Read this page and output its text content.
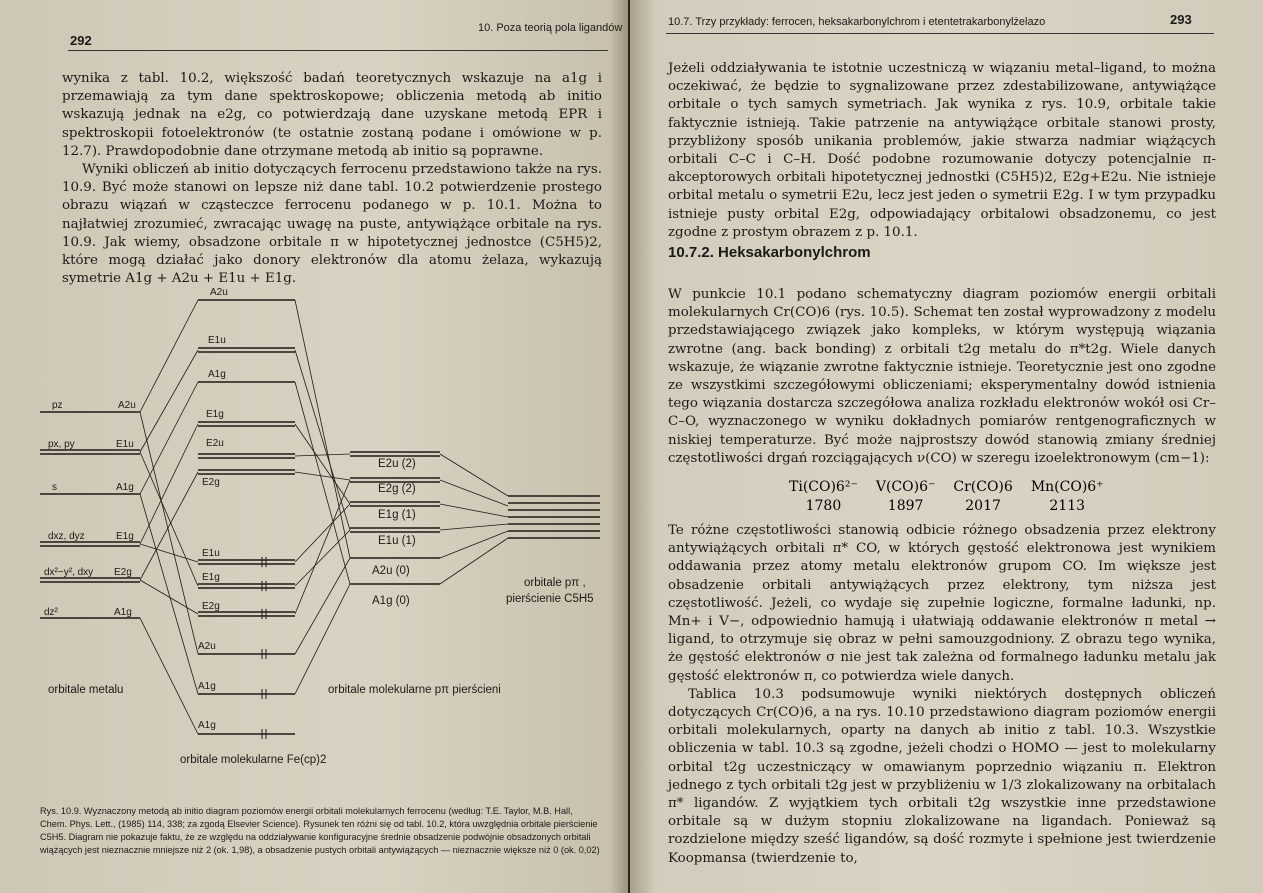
10. Poza teorią pola ligandów
292

wynika z tabl. 10.2, większość badań teoretycznych wskazuje na a1g i przemawiają za tym dane spektroskopowe; obliczenia metodą ab initio wskazują jednak na e2g, co potwierdzają dane uzyskane metodą EPR i spektroskopii fotoelektronów (te ostatnie zostaną podane i omówione w p. 12.7). Prawdopodobnie dane otrzymane metodą ab initio są poprawne.

Wyniki obliczeń ab initio dotyczących ferrocenu przedstawiono także na rys. 10.9. Być może stanowi on lepsze niż dane tabl. 10.2 potwierdzenie prostego obrazu wiązań w cząsteczce ferrocenu podanego w p. 10.1. Można to najłatwiej zrozumieć, zwracając uwagę na puste, antywiążące orbitale na rys. 10.9. Jak wiemy, obsadzone orbitale π w hipotetycznej jednostce (C5H5)2, które mogą działać jako donory elektronów dla atomu żelaza, wykazują symetrie A1g + A2u + E1u + E1g.

pz
px, py
s
dxz, dyz
dx²−y², dxy
dz²
A2u
E1u
A1g
E1g
E2g
A1g
A2u
E1u
A1g
E1g
E2u
E2g
E1u
E1g
E2g
A2u
A1g
A1g
E2u (2)
E2g (2)
E1g (1)
E1u (1)
A2u (0)
A1g (0)
orbitale metalu
orbitale molekularne Fe(cp)2
orbitale molekularne pπ pierścieni
orbitale pπ ,
pierścienie C5H5
Rys. 10.9. Wyznaczony metodą ab initio diagram poziomów energii orbitali molekularnych ferrocenu (według: T.E. Taylor, M.B. Hall, Chem. Phys. Lett., (1985) 114, 338; za zgodą Elsevier Science). Rysunek ten różni się od tabl. 10.2, która uwzględnia orbitale pierścienie C5H5. Diagram nie pokazuje faktu, że ze względu na oddziaływanie konfiguracyjne średnie obsadzenie podwójnie obsadzonych orbitali wiążących jest nieznacznie mniejsze niż 2 (ok. 1,98), a obsadzenie pustych orbitali antywiążących — nieznacznie większe niż 0 (ok. 0,02)
10.7. Trzy przykłady: ferrocen, heksakarbonylchrom i etentetrakarbonylżelazo	293
Jeżeli oddziaływania te istotnie uczestniczą w wiązaniu metal–ligand, to można oczekiwać, że będzie to sygnalizowane przez zdestabilizowane, antywiążące orbitale o tych samych symetriach. Jak wynika z rys. 10.9, orbitale takie faktycznie istnieją. Takie patrzenie na antywiążące orbitale stanowi prosty, przybliżony sposób unikania problemów, jakie stwarza nadmiar wiążących orbitali C–C i C–H. Dość podobne rozumowanie dotyczy potencjalnie π-akceptorowych orbitali hipotetycznej jednostki (C5H5)2, E2g+E2u. Nie istnieje orbital metalu o symetrii E2u, lecz jest jeden o symetrii E2g. I w tym przypadku istnieje pusty orbital E2g, odpowiadający orbitalowi obsadzonemu, co jest zgodne z prostym obrazem z p. 10.1.
10.7.2. Heksakarbonylchrom
W punkcie 10.1 podano schematyczny diagram poziomów energii orbitali molekularnych Cr(CO)6 (rys. 10.5). Schemat ten został wyprowadzony z modelu przedstawiającego związek jako kompleks, w którym występują wiązania zwrotne (ang. back bonding) z orbitali t2g metalu do π*t2g. Wiele danych wskazuje, że wiązanie zwrotne faktycznie istnieje. Teoretycznie jest ono zgodne ze wszystkimi szczegółowymi obliczeniami; eksperymentalny dowód istnienia tego wiązania dostarcza szczegółowa analiza rozkładu elektronów wokół osi Cr–C–O, wyznaczonego w wyniku dokładnych pomiarów rentgenograficznych w niskiej temperaturze. Być może najprostszy dowód stanowią zmiany średniej częstotliwości drgań rozciągających ν(CO) w szeregu izoelektronowym (cm−1):

Te różne częstotliwości stanowią odbicie różnego obsadzenia przez elektrony antywiążących orbitali π* CO, w których gęstość elektronowa jest wynikiem oddawania przez atomy metalu elektronów grupom CO. Im większe jest obsadzenie orbitali antywiążących przez elektrony, tym niższa jest częstotliwość. Jeżeli, co wydaje się zupełnie logiczne, formalne ładunki, np. Mn+ i V−, odpowiednio hamują i ułatwiają oddawanie elektronów π metal → ligand, to otrzymuje się obraz w pełni samouzgodniony. Z obrazu tego wynika, że gęstość elektronów σ nie jest tak zależna od formalnego ładunku metalu jak gęstość elektronów π, co potwierdza wiele danych.

Tablica 10.3 podsumowuje wyniki niektórych dostępnych obliczeń dotyczących Cr(CO)6, a na rys. 10.10 przedstawiono diagram poziomów energii orbitali molekularnych, oparty na danych ab initio z tabl. 10.3. Wszystkie obliczenia w tabl. 10.3 są zgodne, jeżeli chodzi o HOMO — jest to molekularny orbital t2g uczestniczący w omawianym poprzednio wiązaniu π. Elektron jednego z tych orbitali t2g jest w przybliżeniu w 1/3 zlokalizowany na orbitalach π* ligandów. Z wyjątkiem tych orbitali t2g wszystkie inne przedstawione orbitale są w dużym stopniu zlokalizowane na ligandach. Ponieważ są rozdzielone między sześć ligandów, są dość rozmyte i spełnione jest twierdzenie Koopmansa (twierdzenie to,

Ti(CO)6²⁻	V(CO)6⁻	Cr(CO)6	Mn(CO)6⁺
1780	1897	2017	2113
